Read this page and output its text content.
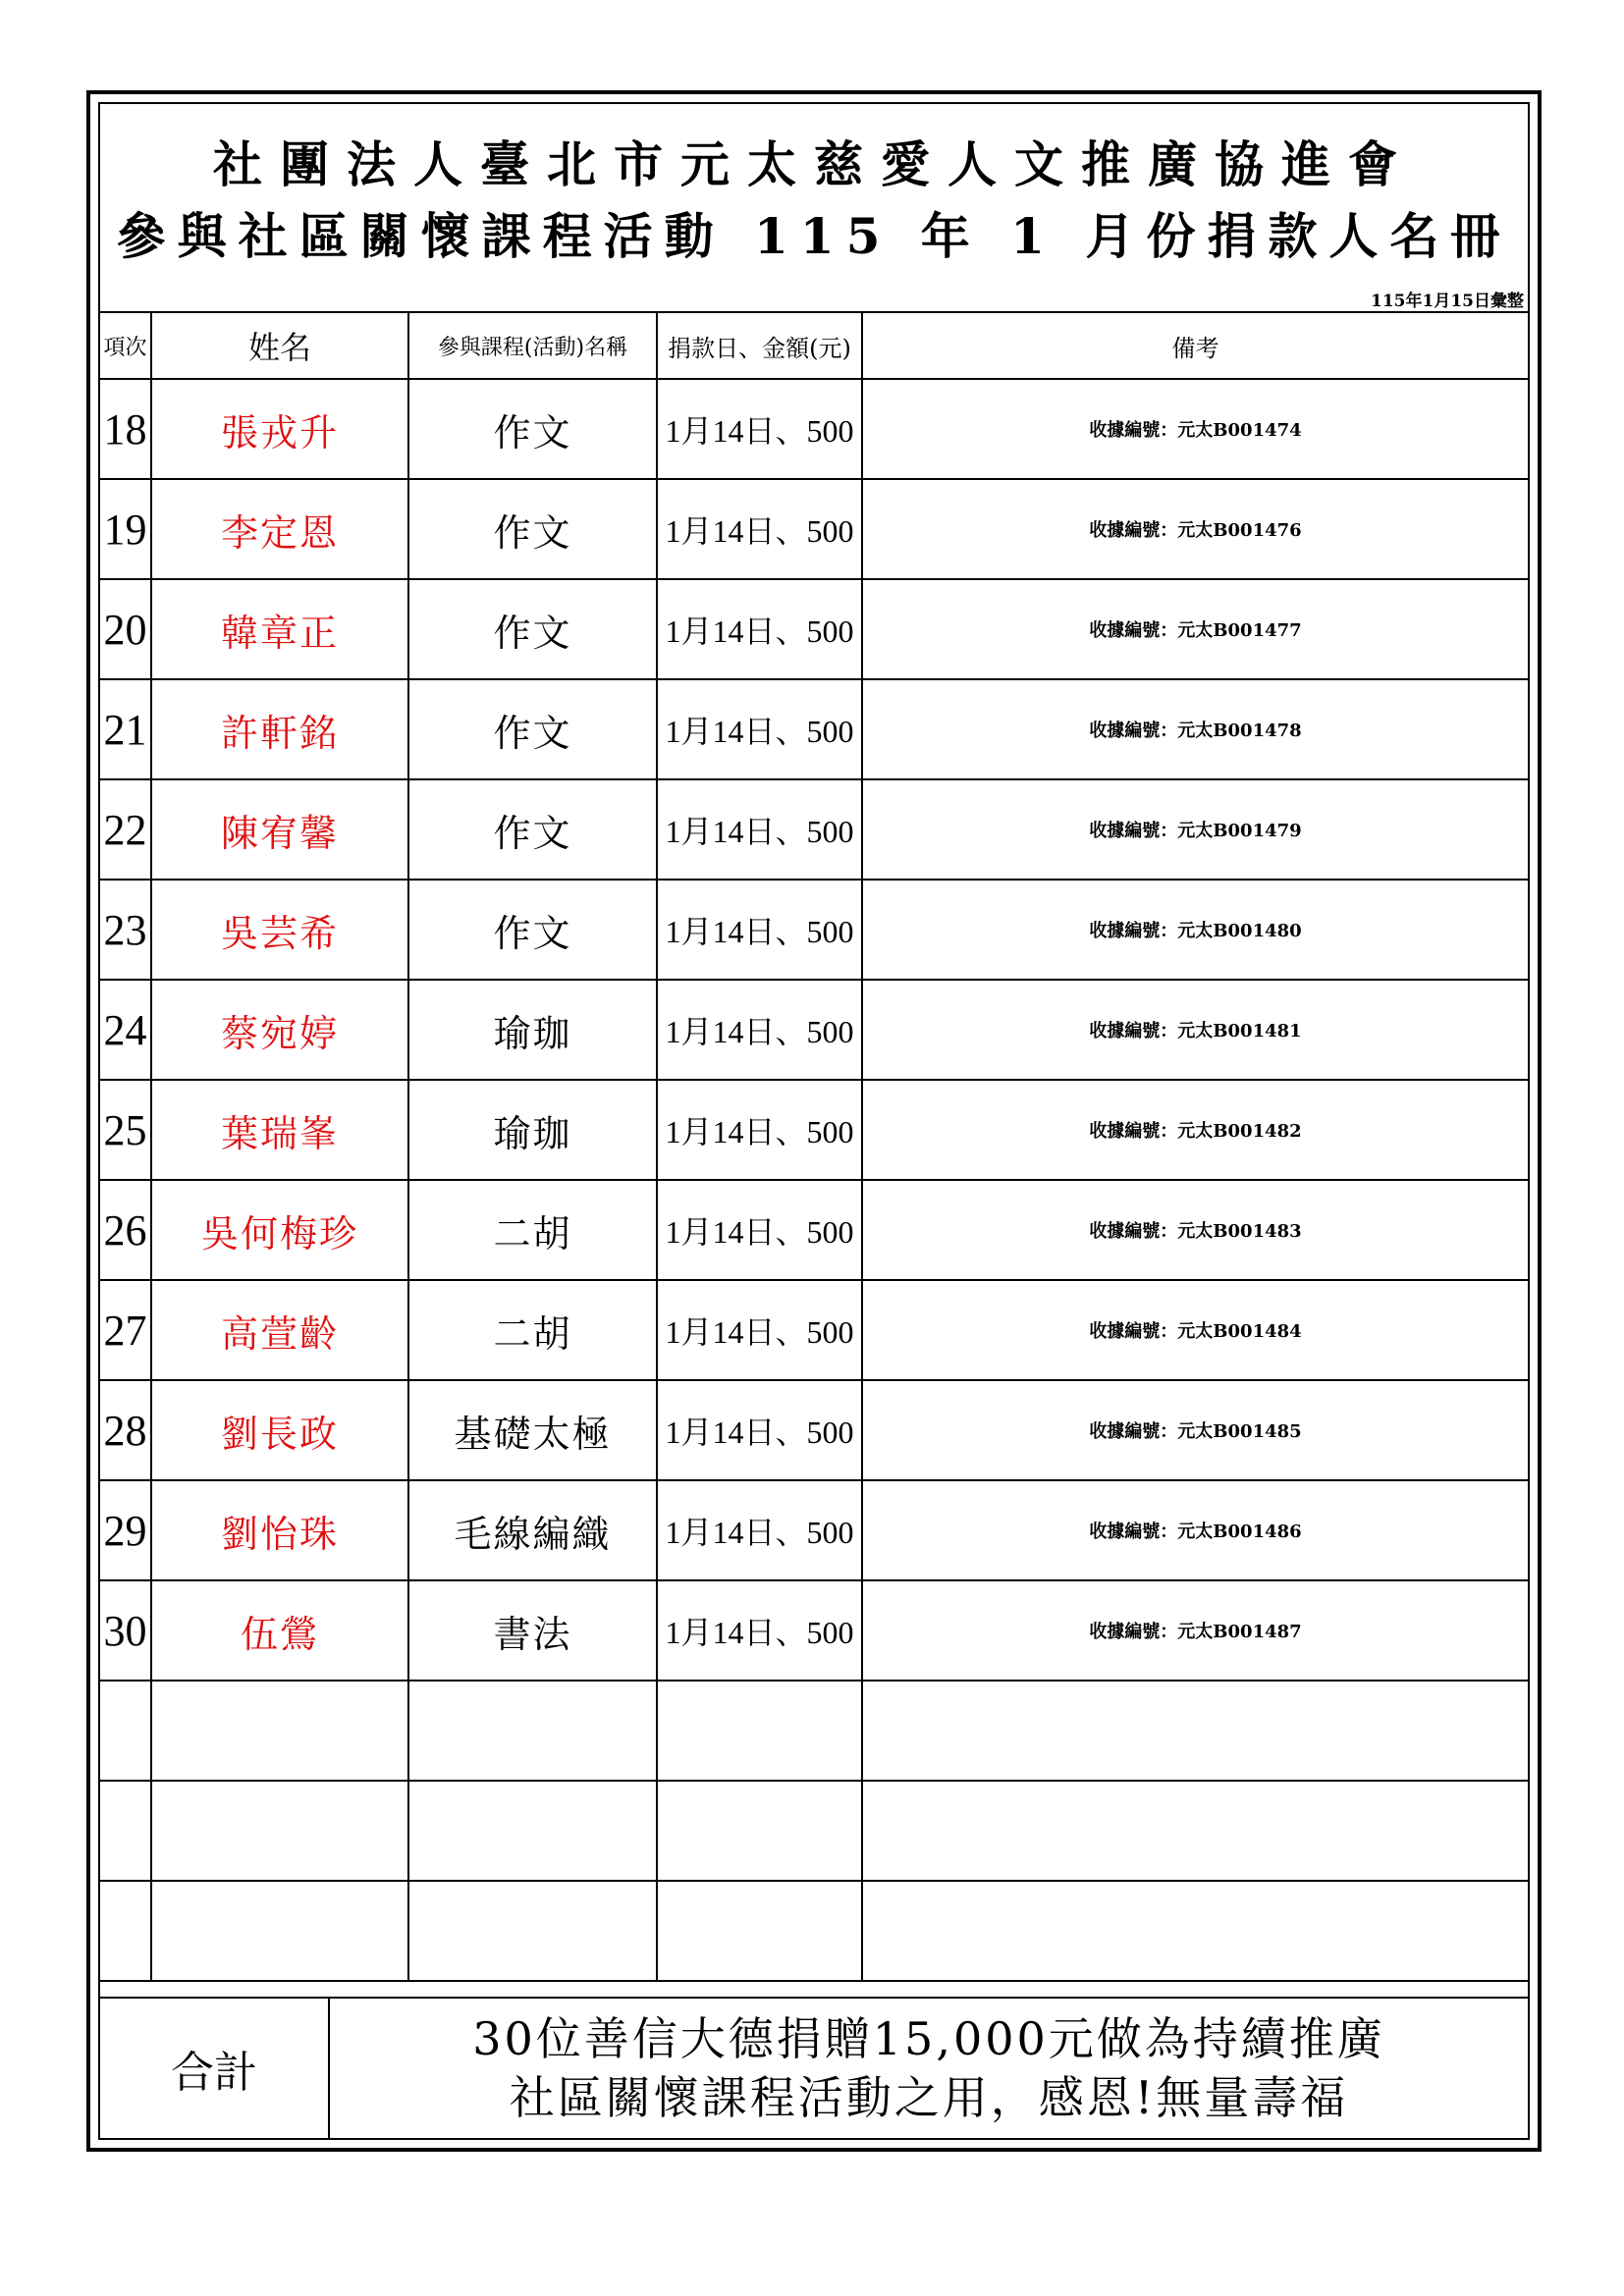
社團法人臺北市元太慈愛人文推廣協進會
參與社區關懷課程活動 115 年 1 月份捐款人名冊
115年1月15日彙整
項次	姓名	參與課程(活動)名稱	捐款日、金額(元)	備考
18	張戎升	作文	1月14日、500	收據編號：元太B001474
19	李定恩	作文	1月14日、500	收據編號：元太B001476
20	韓章正	作文	1月14日、500	收據編號：元太B001477
21	許軒銘	作文	1月14日、500	收據編號：元太B001478
22	陳宥馨	作文	1月14日、500	收據編號：元太B001479
23	吳芸希	作文	1月14日、500	收據編號：元太B001480
24	蔡宛婷	瑜珈	1月14日、500	收據編號：元太B001481
25	葉瑞峯	瑜珈	1月14日、500	收據編號：元太B001482
26	吳何梅珍	二胡	1月14日、500	收據編號：元太B001483
27	高萱齡	二胡	1月14日、500	收據編號：元太B001484
28	劉長政	基礎太極	1月14日、500	收據編號：元太B001485
29	劉怡珠	毛線編織	1月14日、500	收據編號：元太B001486
30	伍鶯	書法	1月14日、500	收據編號：元太B001487

合計
30位善信大德捐贈15,000元做為持續推廣
社區關懷課程活動之用，感恩!無量壽福
